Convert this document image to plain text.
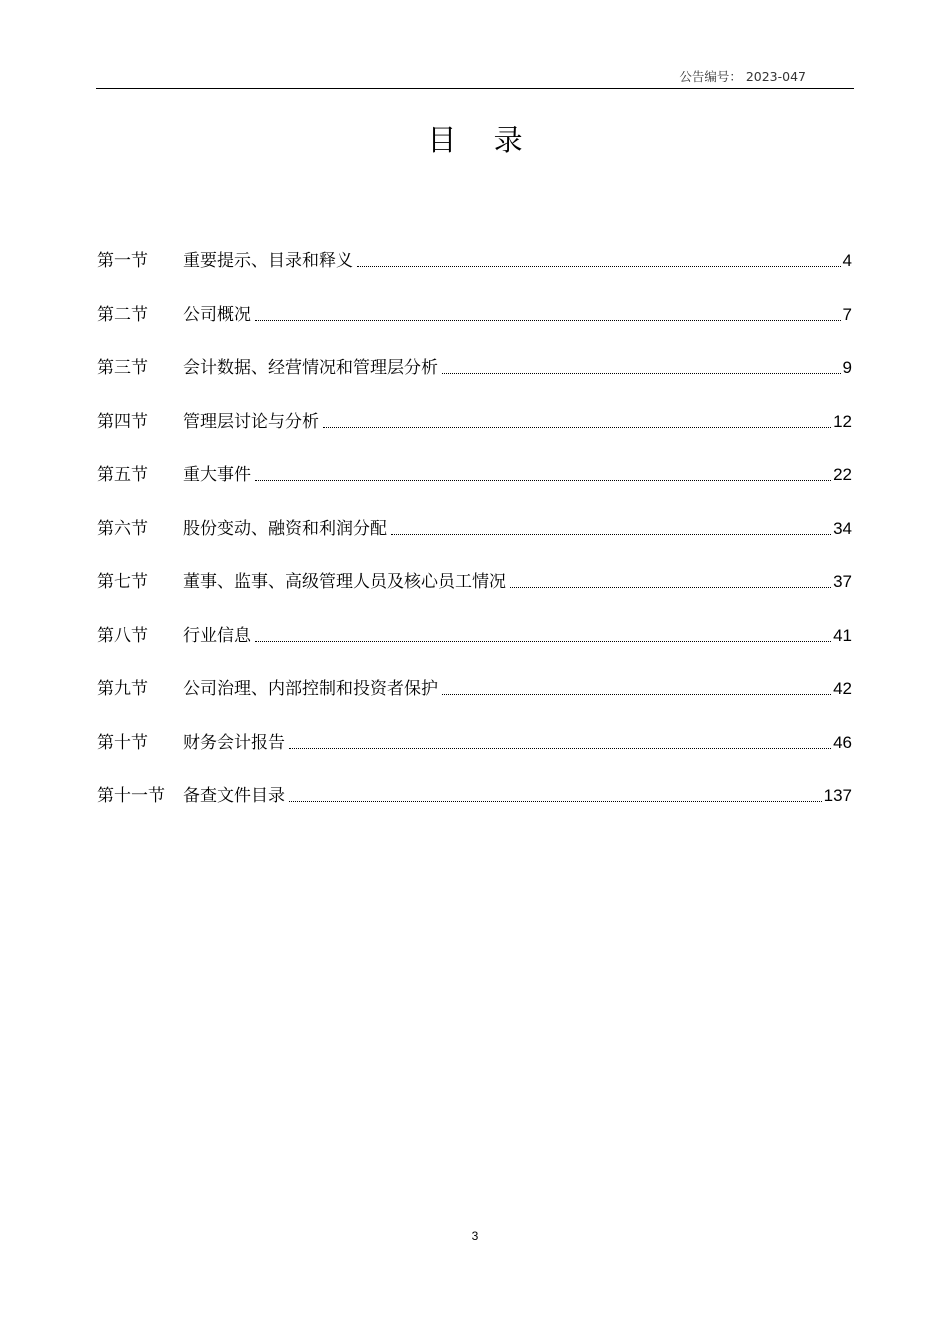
公告编号： 2023-047
目 录
第一节	重要提示、目录和释义	4
第二节	公司概况	7
第三节	会计数据、经营情况和管理层分析	9
第四节	管理层讨论与分析	12
第五节	重大事件	22
第六节	股份变动、融资和利润分配	34
第七节	董事、监事、高级管理人员及核心员工情况	37
第八节	行业信息	41
第九节	公司治理、内部控制和投资者保护	42
第十节	财务会计报告	46
第十一节	备查文件目录	137
3
